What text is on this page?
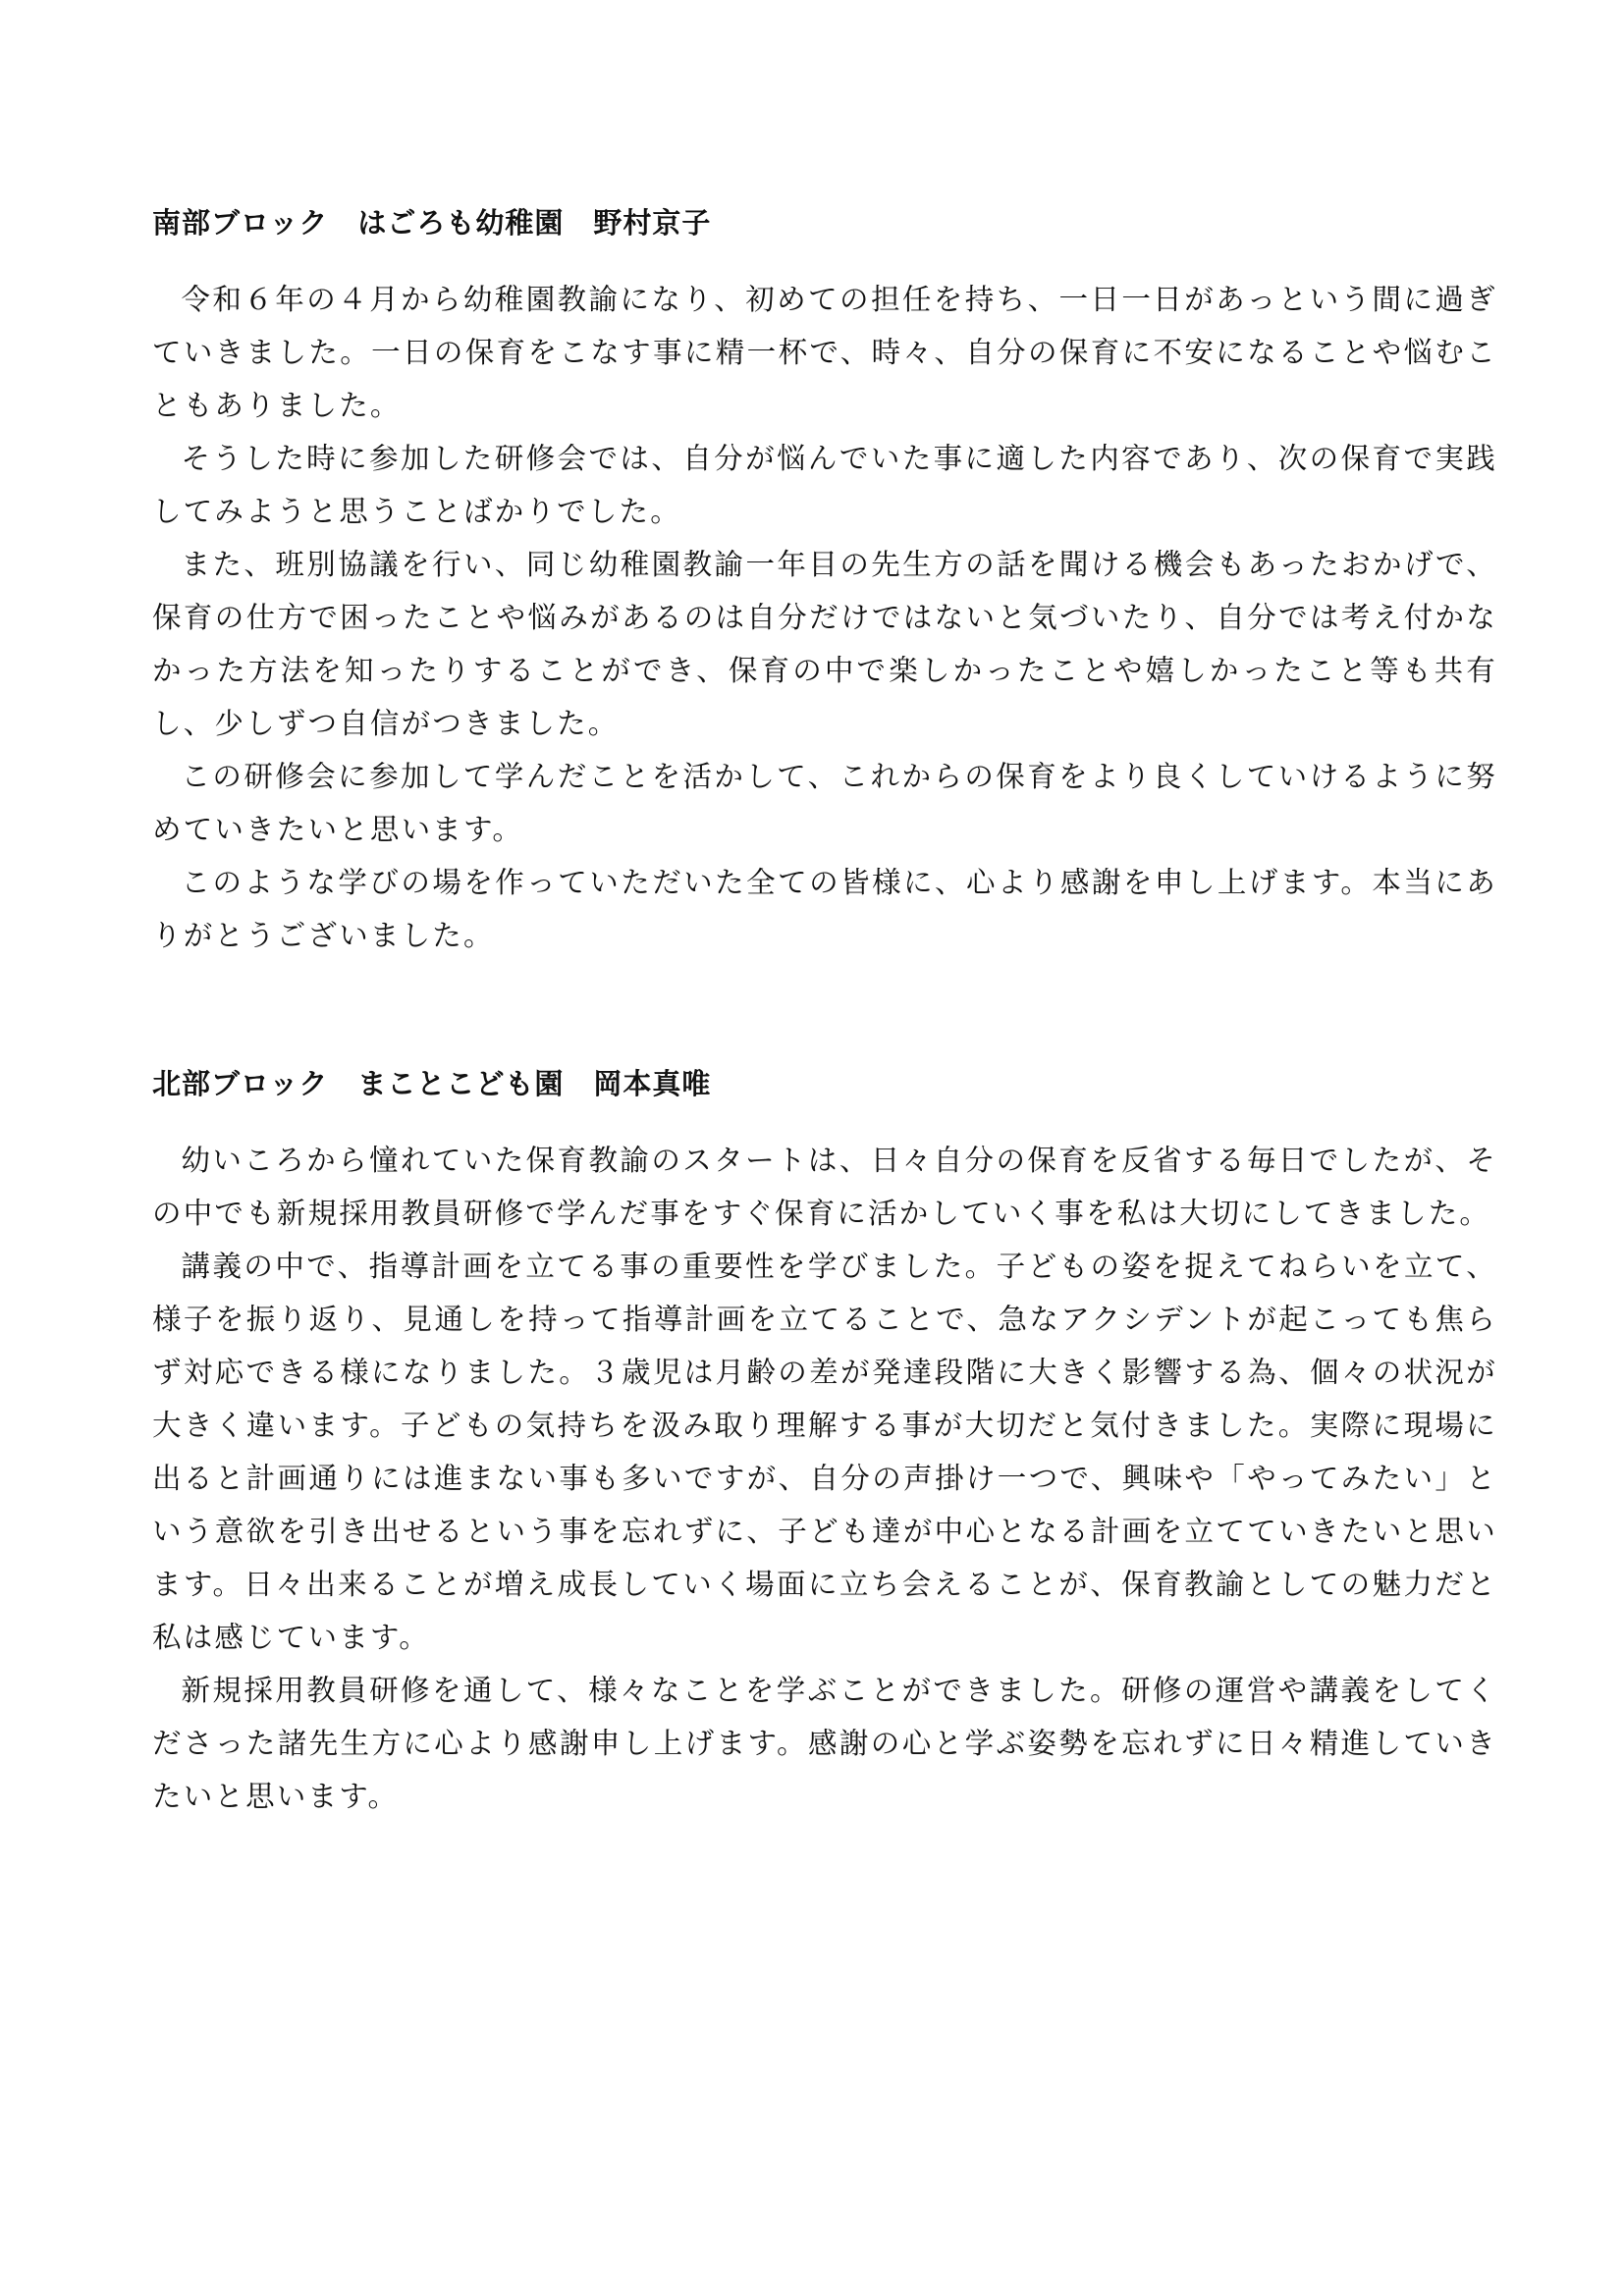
南部ブロック　はごろも幼稚園　野村京子

令和６年の４月から幼稚園教諭になり、初めての担任を持ち、一日一日があっという間に過ぎていきました。一日の保育をこなす事に精一杯で、時々、自分の保育に不安になることや悩むこともありました。

そうした時に参加した研修会では、自分が悩んでいた事に適した内容であり、次の保育で実践してみようと思うことばかりでした。

また、班別協議を行い、同じ幼稚園教諭一年目の先生方の話を聞ける機会もあったおかげで、保育の仕方で困ったことや悩みがあるのは自分だけではないと気づいたり、自分では考え付かなかった方法を知ったりすることができ、保育の中で楽しかったことや嬉しかったこと等も共有し、少しずつ自信がつきました。

この研修会に参加して学んだことを活かして、これからの保育をより良くしていけるように努めていきたいと思います。

このような学びの場を作っていただいた全ての皆様に、心より感謝を申し上げます。本当にありがとうございました。

北部ブロック　まことこども園　岡本真唯

幼いころから憧れていた保育教諭のスタートは、日々自分の保育を反省する毎日でしたが、その中でも新規採用教員研修で学んだ事をすぐ保育に活かしていく事を私は大切にしてきました。

講義の中で、指導計画を立てる事の重要性を学びました。子どもの姿を捉えてねらいを立て、様子を振り返り、見通しを持って指導計画を立てることで、急なアクシデントが起こっても焦らず対応できる様になりました。３歳児は月齢の差が発達段階に大きく影響する為、個々の状況が大きく違います。子どもの気持ちを汲み取り理解する事が大切だと気付きました。実際に現場に出ると計画通りには進まない事も多いですが、自分の声掛け一つで、興味や「やってみたい」という意欲を引き出せるという事を忘れずに、子ども達が中心となる計画を立てていきたいと思います。日々出来ることが増え成長していく場面に立ち会えることが、保育教諭としての魅力だと私は感じています。

新規採用教員研修を通して、様々なことを学ぶことができました。研修の運営や講義をしてくださった諸先生方に心より感謝申し上げます。感謝の心と学ぶ姿勢を忘れずに日々精進していきたいと思います。
